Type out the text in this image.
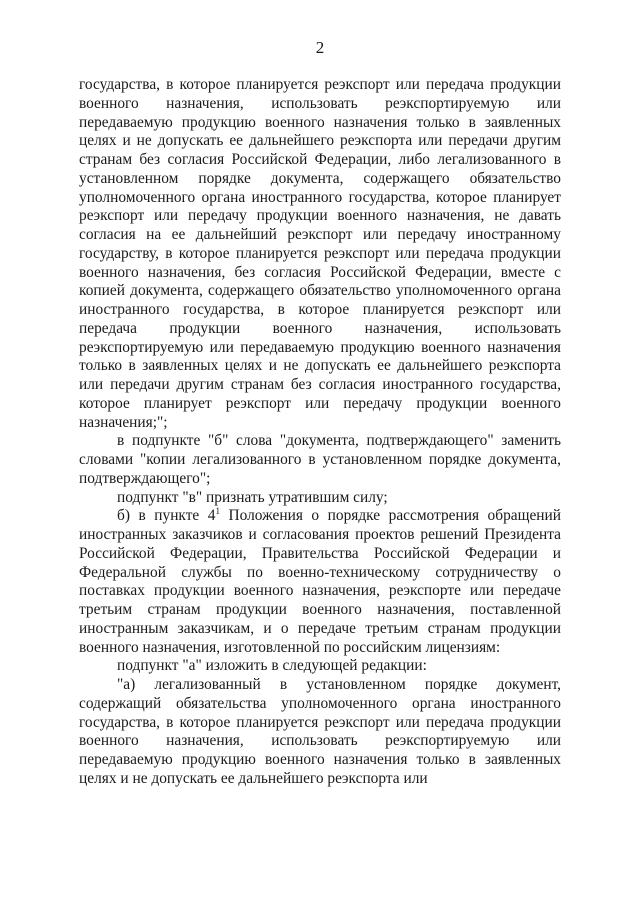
2

государства, в которое планируется реэкспорт или передача продукции военного назначения, использовать реэкспортируемую или передаваемую продукцию военного назначения только в заявленных целях и не допускать ее дальнейшего реэкспорта или передачи другим странам без согласия Российской Федерации, либо легализованного в установленном порядке документа, содержащего обязательство уполномоченного органа иностранного государства, которое планирует реэкспорт или передачу продукции военного назначения, не давать согласия на ее дальнейший реэкспорт или передачу иностранному государству, в которое планируется реэкспорт или передача продукции военного назначения, без согласия Российской Федерации, вместе с копией документа, содержащего обязательство уполномоченного органа иностранного государства, в которое планируется реэкспорт или передача продукции военного назначения, использовать реэкспортируемую или передаваемую продукцию военного назначения только в заявленных целях и не допускать ее дальнейшего реэкспорта или передачи другим странам без согласия иностранного государства, которое планирует реэкспорт или передачу продукции военного назначения;";

в подпункте "б" слова "документа, подтверждающего" заменить словами "копии легализованного в установленном порядке документа, подтверждающего";

подпункт "в" признать утратившим силу;

б) в пункте $4^1$ Положения о порядке рассмотрения обращений иностранных заказчиков и согласования проектов решений Президента Российской Федерации, Правительства Российской Федерации и Федеральной службы по военно-техническому сотрудничеству о поставках продукции военного назначения, реэкспорте или передаче третьим странам продукции военного назначения, поставленной иностранным заказчикам, и о передаче третьим странам продукции военного назначения, изготовленной по российским лицензиям:

подпункт "а" изложить в следующей редакции:

"а) легализованный в установленном порядке документ, содержащий обязательства уполномоченного органа иностранного государства, в которое планируется реэкспорт или передача продукции военного назначения, использовать реэкспортируемую или передаваемую продукцию военного назначения только в заявленных целях и не допускать ее дальнейшего реэкспорта или
